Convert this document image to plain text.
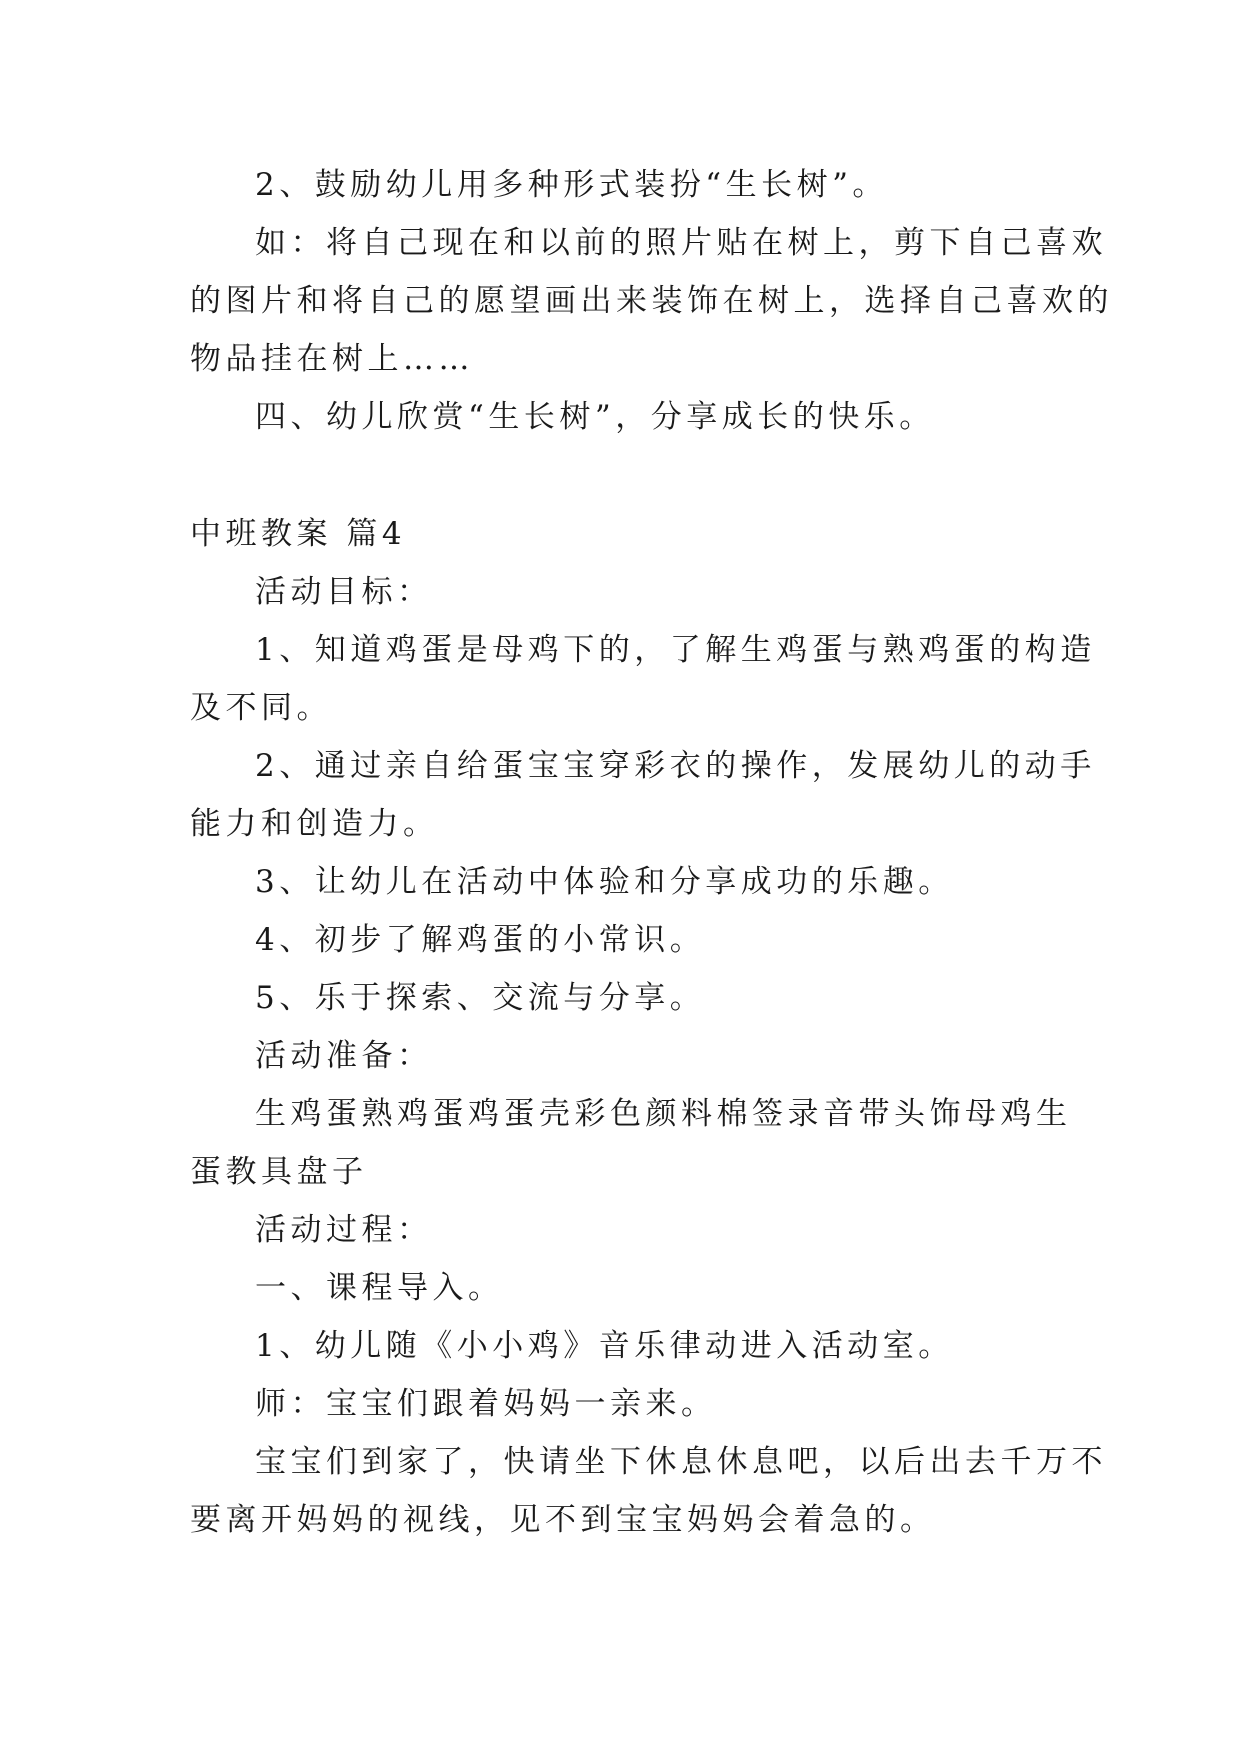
2、鼓励幼儿用多种形式装扮“生长树”。
如：将自己现在和以前的照片贴在树上，剪下自己喜欢
的图片和将自己的愿望画出来装饰在树上，选择自己喜欢的
物品挂在树上……
四、幼儿欣赏“生长树”，分享成长的快乐。
中班教案 篇4
活动目标：
1、知道鸡蛋是母鸡下的，了解生鸡蛋与熟鸡蛋的构造
及不同。
2、通过亲自给蛋宝宝穿彩衣的操作，发展幼儿的动手
能力和创造力。
3、让幼儿在活动中体验和分享成功的乐趣。
4、初步了解鸡蛋的小常识。
5、乐于探索、交流与分享。
活动准备：
生鸡蛋熟鸡蛋鸡蛋壳彩色颜料棉签录音带头饰母鸡生
蛋教具盘子
活动过程：
一、课程导入。
1、幼儿随《小小鸡》音乐律动进入活动室。
师：宝宝们跟着妈妈一亲来。
宝宝们到家了，快请坐下休息休息吧，以后出去千万不
要离开妈妈的视线，见不到宝宝妈妈会着急的。
